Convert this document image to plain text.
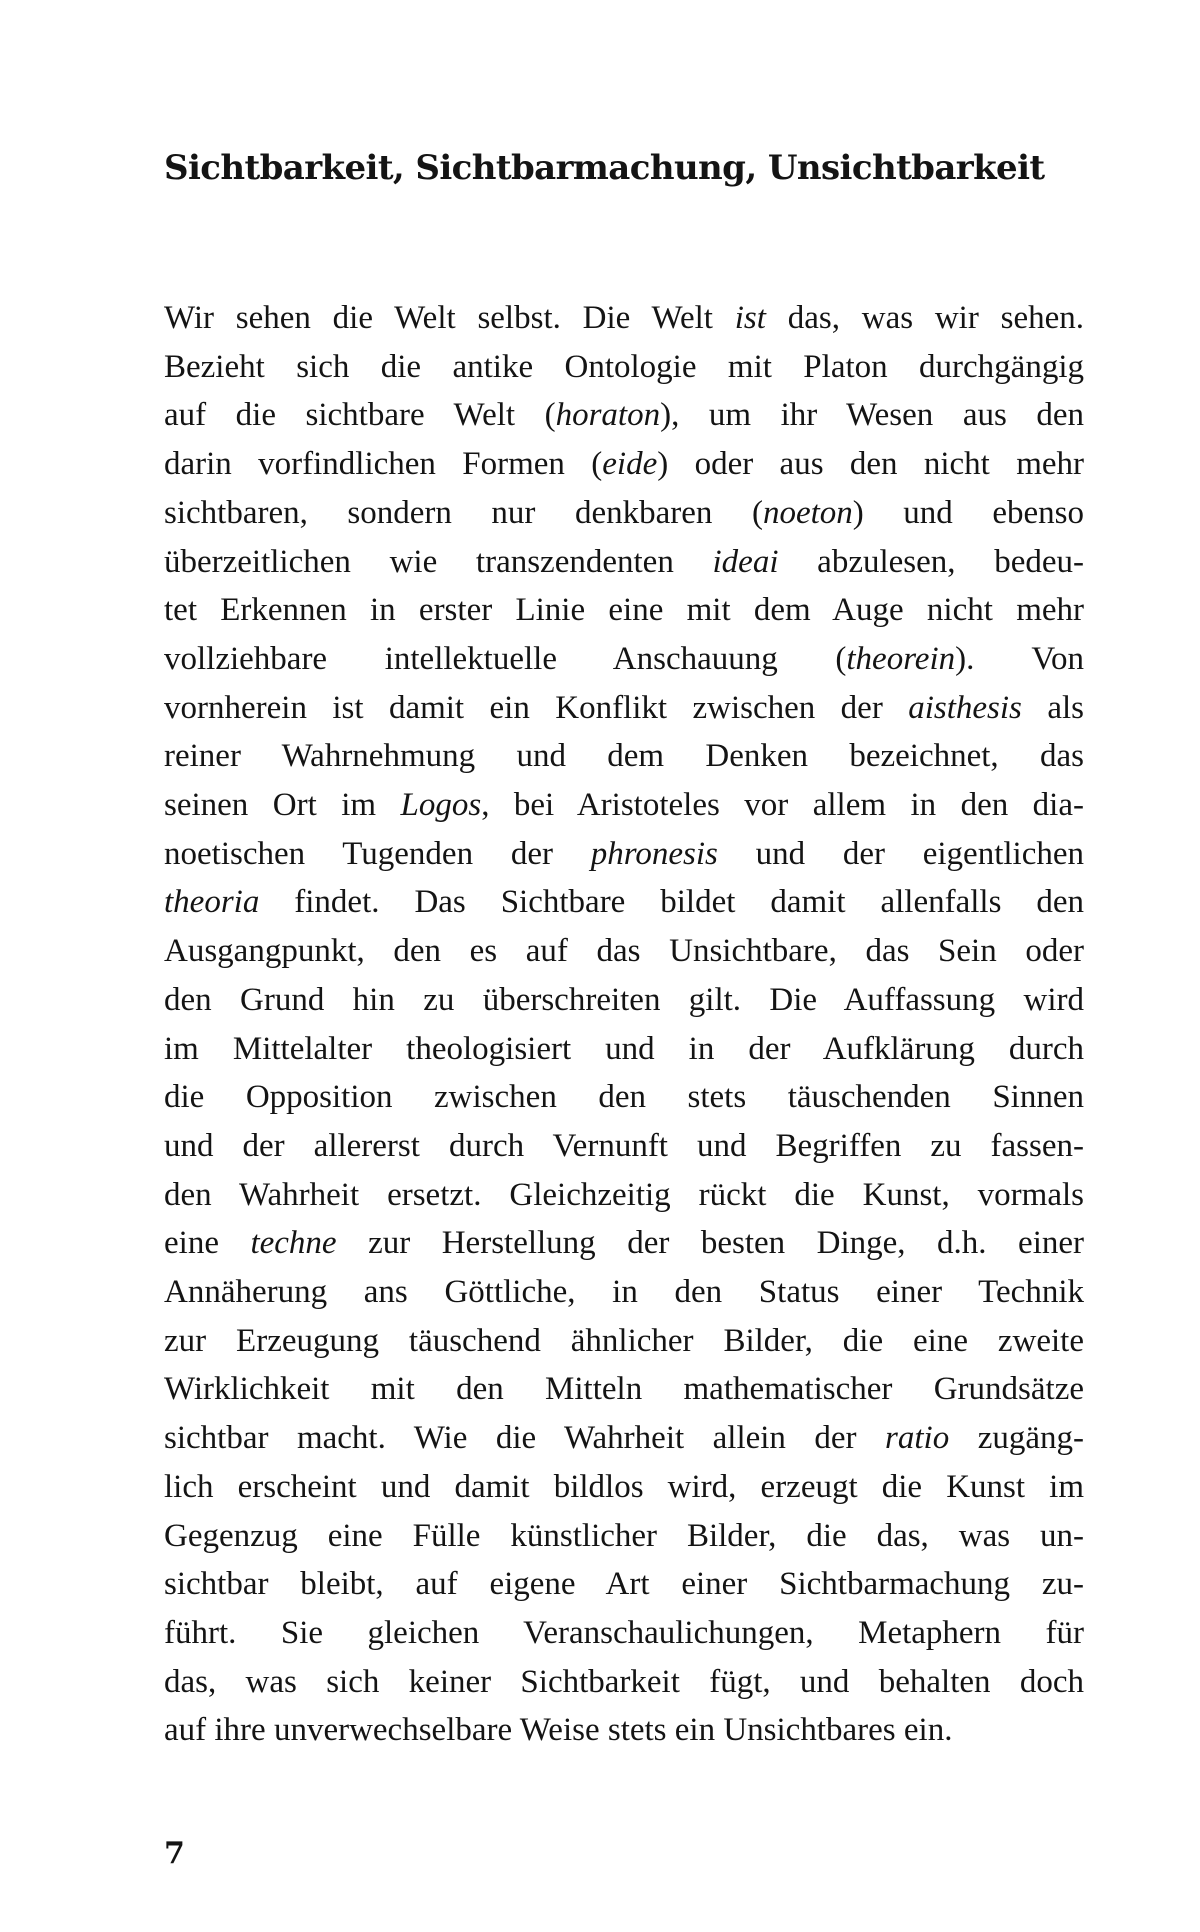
Sichtbarkeit, Sichtbarmachung, Unsichtbarkeit
Wir sehen die Welt selbst. Die Welt ist das, was wir sehen.
Bezieht sich die antike Ontologie mit Platon durchgängig
auf die sichtbare Welt (horaton), um ihr Wesen aus den
darin vorfindlichen Formen (eide) oder aus den nicht mehr
sichtbaren, sondern nur denkbaren (noeton) und ebenso
überzeitlichen wie transzendenten ideai abzulesen, bedeu-
tet Erkennen in erster Linie eine mit dem Auge nicht mehr
vollziehbare intellektuelle Anschauung (theorein). Von
vornherein ist damit ein Konflikt zwischen der aisthesis als
reiner Wahrnehmung und dem Denken bezeichnet, das
seinen Ort im Logos, bei Aristoteles vor allem in den dia-
noetischen Tugenden der phronesis und der eigentlichen
theoria findet. Das Sichtbare bildet damit allenfalls den
Ausgangpunkt, den es auf das Unsichtbare, das Sein oder
den Grund hin zu überschreiten gilt. Die Auffassung wird
im Mittelalter theologisiert und in der Aufklärung durch
die Opposition zwischen den stets täuschenden Sinnen
und der allererst durch Vernunft und Begriffen zu fassen-
den Wahrheit ersetzt. Gleichzeitig rückt die Kunst, vormals
eine techne zur Herstellung der besten Dinge, d.h. einer
Annäherung ans Göttliche, in den Status einer Technik
zur Erzeugung täuschend ähnlicher Bilder, die eine zweite
Wirklichkeit mit den Mitteln mathematischer Grundsätze
sichtbar macht. Wie die Wahrheit allein der ratio zugäng-
lich erscheint und damit bildlos wird, erzeugt die Kunst im
Gegenzug eine Fülle künstlicher Bilder, die das, was un-
sichtbar bleibt, auf eigene Art einer Sichtbarmachung zu-
führt. Sie gleichen Veranschaulichungen, Metaphern für
das, was sich keiner Sichtbarkeit fügt, und behalten doch
auf ihre unverwechselbare Weise stets ein Unsichtbares ein.
7
